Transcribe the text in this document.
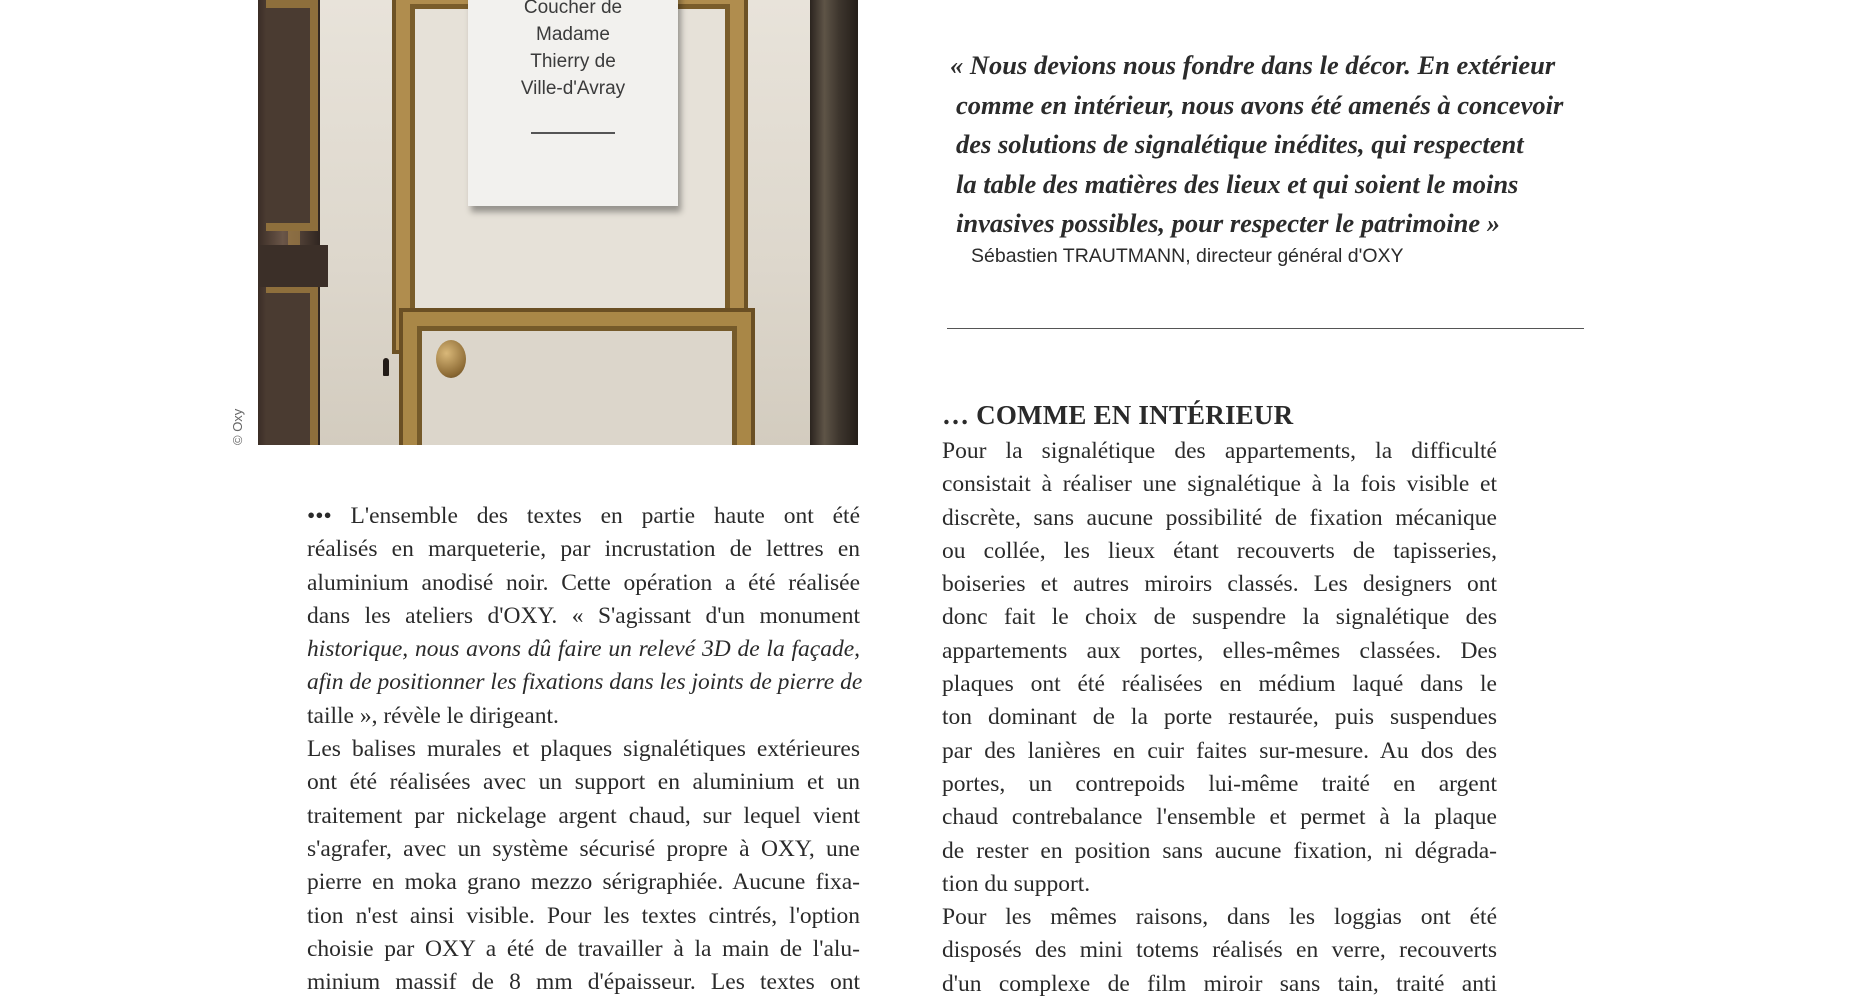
Coucher de
Madame
Thierry de
Ville-d'Avray
© Oxy
« Nous devions nous fondre dans le décor. En extérieur
comme en intérieur, nous avons été amenés à concevoir
des solutions de signalétique inédites, qui respectent
la table des matières des lieux et qui soient le moins
invasives possibles, pour respecter le patrimoine »
Sébastien TRAUTMANN, directeur général d'OXY
••• L'ensemble des textes en partie haute ont été
réalisés en marqueterie, par incrustation de lettres en
aluminium anodisé noir. Cette opération a été réalisée
dans les ateliers d'OXY. « S'agissant d'un monument
historique, nous avons dû faire un relevé 3D de la façade,
afin de positionner les fixations dans les joints de pierre de
taille », révèle le dirigeant.
Les balises murales et plaques signalétiques extérieures
ont été réalisées avec un support en aluminium et un
traitement par nickelage argent chaud, sur lequel vient
s'agrafer, avec un système sécurisé propre à OXY, une
pierre en moka grano mezzo sérigraphiée. Aucune fixa-
tion n'est ainsi visible. Pour les textes cintrés, l'option
choisie par OXY a été de travailler à la main de l'alu-
minium massif de 8 mm d'épaisseur. Les textes ont
… COMME EN INTÉRIEUR
Pour la signalétique des appartements, la difficulté
consistait à réaliser une signalétique à la fois visible et
discrète, sans aucune possibilité de fixation mécanique
ou collée, les lieux étant recouverts de tapisseries,
boiseries et autres miroirs classés. Les designers ont
donc fait le choix de suspendre la signalétique des
appartements aux portes, elles-mêmes classées. Des
plaques ont été réalisées en médium laqué dans le
ton dominant de la porte restaurée, puis suspendues
par des lanières en cuir faites sur-mesure. Au dos des
portes, un contrepoids lui-même traité en argent
chaud contrebalance l'ensemble et permet à la plaque
de rester en position sans aucune fixation, ni dégrada-
tion du support.
Pour les mêmes raisons, dans les loggias ont été
disposés des mini totems réalisés en verre, recouverts
d'un complexe de film miroir sans tain, traité anti
